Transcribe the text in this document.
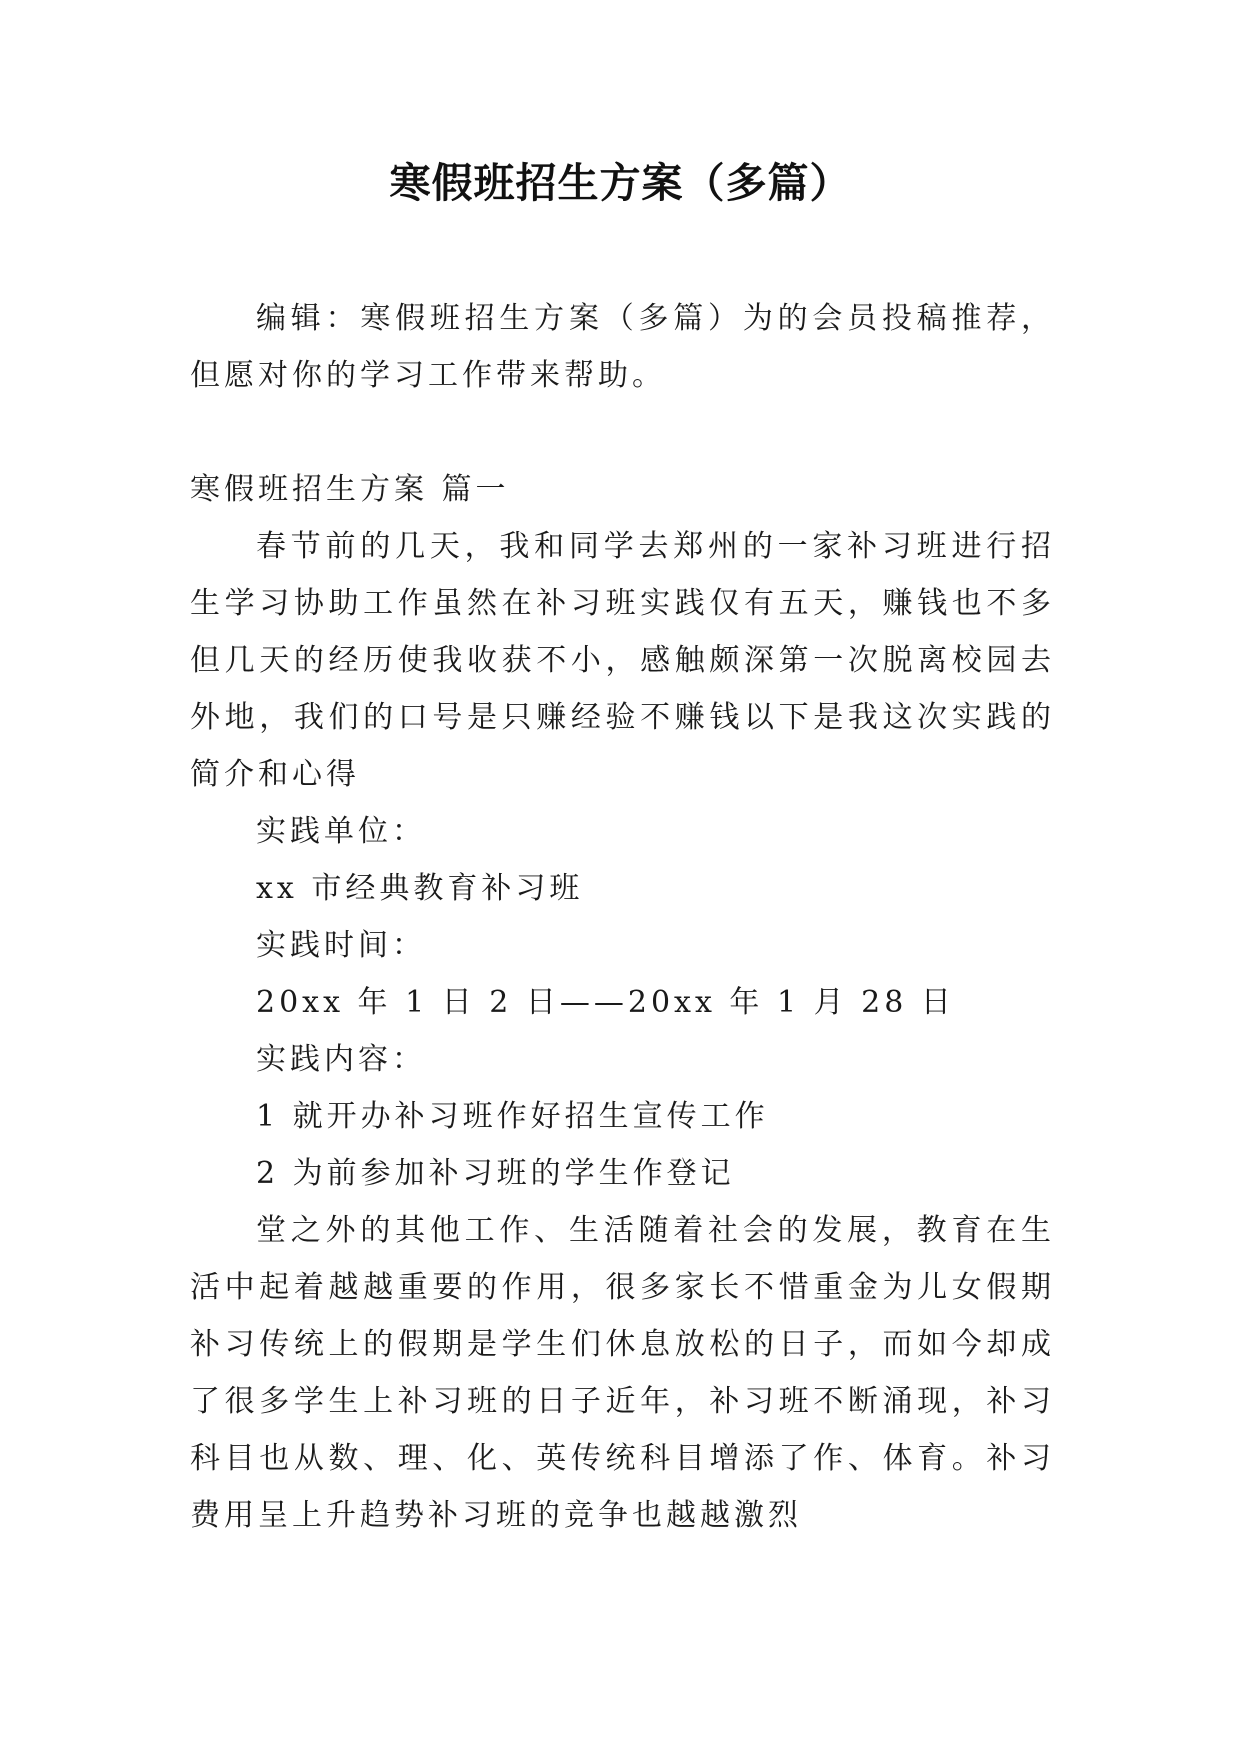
寒假班招生方案（多篇）

编辑：寒假班招生方案（多篇）为的会员投稿推荐，但愿对你的学习工作带来帮助。

寒假班招生方案 篇一

春节前的几天，我和同学去郑州的一家补习班进行招生学习协助工作虽然在补习班实践仅有五天，赚钱也不多但几天的经历使我收获不小，感触颇深第一次脱离校园去外地，我们的口号是只赚经验不赚钱以下是我这次实践的简介和心得

实践单位：

xx 市经典教育补习班

实践时间：

20xx 年 1 日 2 日——20xx 年 1 月 28 日

实践内容：

1 就开办补习班作好招生宣传工作

2 为前参加补习班的学生作登记

堂之外的其他工作、生活随着社会的发展，教育在生活中起着越越重要的作用，很多家长不惜重金为儿女假期补习传统上的假期是学生们休息放松的日子，而如今却成了很多学生上补习班的日子近年，补习班不断涌现，补习科目也从数、理、化、英传统科目增添了作、体育。补习费用呈上升趋势补习班的竞争也越越激烈
